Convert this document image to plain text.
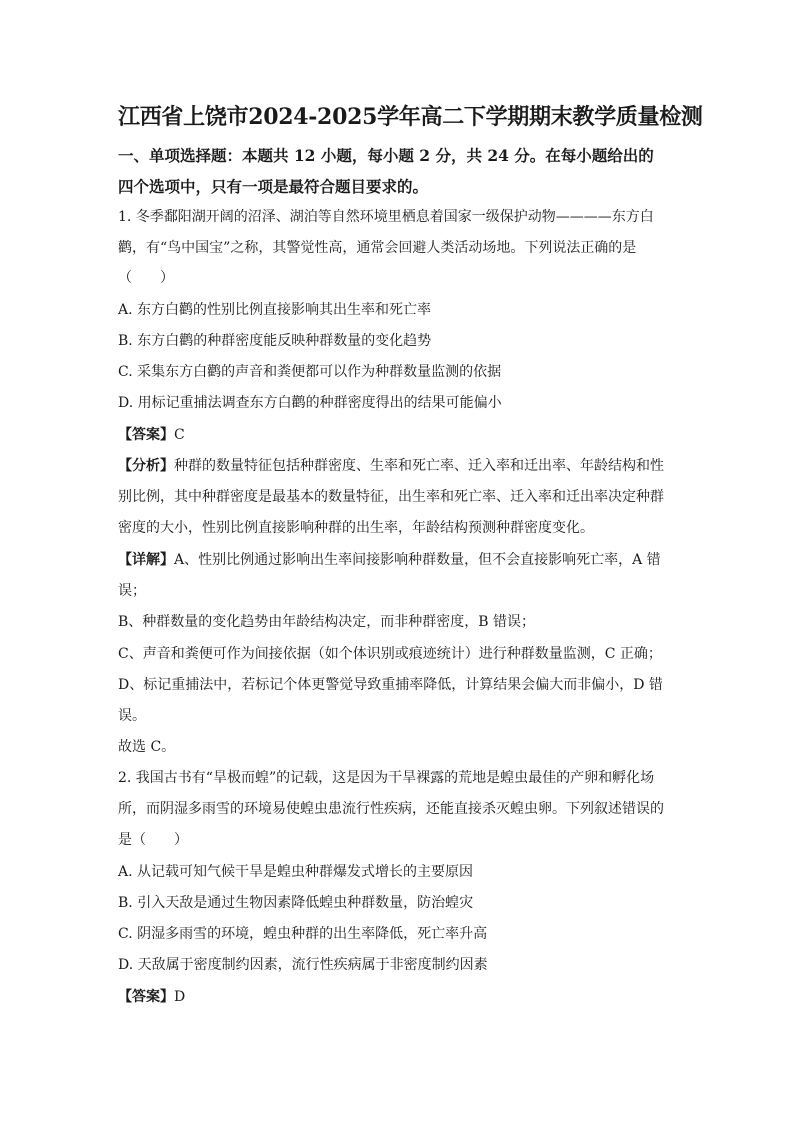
江西省上饶市2024-2025学年高二下学期期末教学质量检测
一、单项选择题：本题共 12 小题，每小题 2 分，共 24 分。在每小题给出的
四个选项中，只有一项是最符合题目要求的。
1. 冬季鄱阳湖开阔的沼泽、湖泊等自然环境里栖息着国家一级保护动物————东方白
鹳，有“鸟中国宝”之称，其警觉性高，通常会回避人类活动场地。下列说法正确的是
（　　）
A. 东方白鹳的性别比例直接影响其出生率和死亡率
B. 东方白鹳的种群密度能反映种群数量的变化趋势
C. 采集东方白鹳的声音和粪便都可以作为种群数量监测的依据
D. 用标记重捕法调查东方白鹳的种群密度得出的结果可能偏小
【答案】C
【分析】种群的数量特征包括种群密度、生率和死亡率、迁入率和迁出率、年龄结构和性
别比例，其中种群密度是最基本的数量特征，出生率和死亡率、迁入率和迁出率决定种群
密度的大小，性别比例直接影响种群的出生率，年龄结构预测种群密度变化。
【详解】A、性别比例通过影响出生率间接影响种群数量，但不会直接影响死亡率，A 错
误；
B、种群数量的变化趋势由年龄结构决定，而非种群密度，B 错误；
C、声音和粪便可作为间接依据（如个体识别或痕迹统计）进行种群数量监测，C 正确；
D、标记重捕法中，若标记个体更警觉导致重捕率降低，计算结果会偏大而非偏小，D 错
误。
故选 C。
2. 我国古书有“旱极而蝗”的记载，这是因为干旱裸露的荒地是蝗虫最佳的产卵和孵化场
所，而阴湿多雨雪的环境易使蝗虫患流行性疾病，还能直接杀灭蝗虫卵。下列叙述错误的
是（　　）
A. 从记载可知气候干旱是蝗虫种群爆发式增长的主要原因
B. 引入天敌是通过生物因素降低蝗虫种群数量，防治蝗灾
C. 阴湿多雨雪的环境，蝗虫种群的出生率降低，死亡率升高
D. 天敌属于密度制约因素，流行性疾病属于非密度制约因素
【答案】D
